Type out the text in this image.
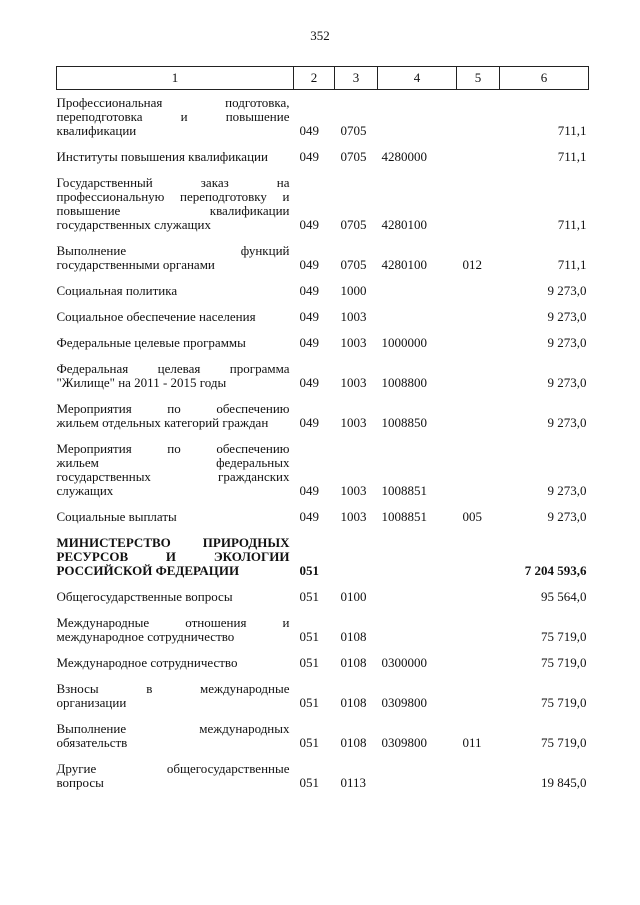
352
1	2	3	4	5	6

Профессиональная подготовка,
переподготовка и повышение
квалификации	049	0705			711,1

Институты повышения квалификации	049	0705	4280000		711,1

Государственный заказ на
профессиональную переподготовку и
повышение квалификации
государственных служащих	049	0705	4280100		711,1

Выполнение функций
государственными органами	049	0705	4280100	012	711,1

Социальная политика	049	1000			9 273,0

Социальное обеспечение населения	049	1003			9 273,0

Федеральные целевые программы	049	1003	1000000		9 273,0

Федеральная целевая программа
"Жилище" на 2011 - 2015 годы	049	1003	1008800		9 273,0

Мероприятия по обеспечению
жильем отдельных категорий граждан	049	1003	1008850		9 273,0

Мероприятия по обеспечению
жильем федеральных
государственных гражданских
служащих	049	1003	1008851		9 273,0

Социальные выплаты	049	1003	1008851	005	9 273,0

МИНИСТЕРСТВО ПРИРОДНЫХ
РЕСУРСОВ И ЭКОЛОГИИ
РОССИЙСКОЙ ФЕДЕРАЦИИ	051				7 204 593,6

Общегосударственные вопросы	051	0100			95 564,0

Международные отношения и
международное сотрудничество	051	0108			75 719,0

Международное сотрудничество	051	0108	0300000		75 719,0

Взносы в международные
организации	051	0108	0309800		75 719,0

Выполнение международных
обязательств	051	0108	0309800	011	75 719,0

Другие общегосударственные
вопросы	051	0113			19 845,0
